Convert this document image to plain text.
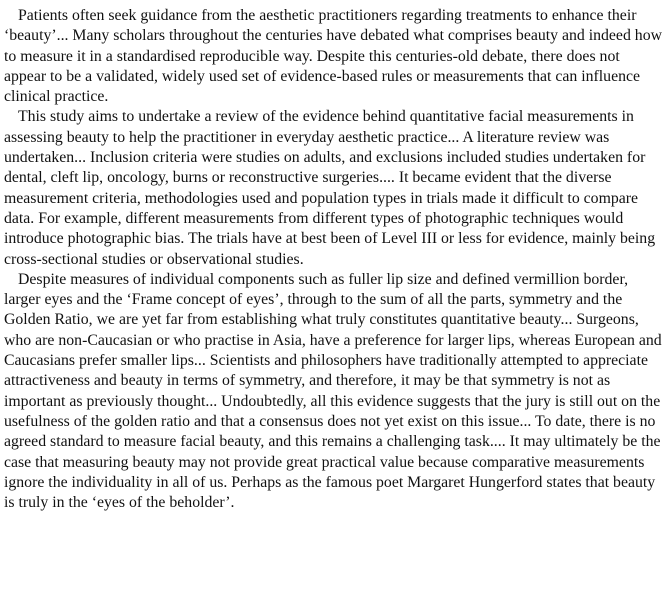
Patients often seek guidance from the aesthetic practitioners regarding treatments to enhance their ‘beauty’... Many scholars throughout the centuries have debated what comprises beauty and indeed how to measure it in a standardised reproducible way. Despite this centuries-old debate, there does not appear to be a validated, widely used set of evidence-based rules or measurements that can influence clinical practice.

This study aims to undertake a review of the evidence behind quantitative facial measurements in assessing beauty to help the practitioner in everyday aesthetic practice... A literature review was undertaken... Inclusion criteria were studies on adults, and exclusions included studies undertaken for dental, cleft lip, oncology, burns or reconstructive surgeries.... It became evident that the diverse measurement criteria, methodologies used and population types in trials made it difficult to compare data. For example, different measurements from different types of photographic techniques would introduce photographic bias. The trials have at best been of Level III or less for evidence, mainly being cross-sectional studies or observational studies.

Despite measures of individual components such as fuller lip size and defined vermillion border, larger eyes and the ‘Frame concept of eyes’, through to the sum of all the parts, symmetry and the Golden Ratio, we are yet far from establishing what truly constitutes quantitative beauty... Surgeons, who are non-Caucasian or who practise in Asia, have a preference for larger lips, whereas European and Caucasians prefer smaller lips... Scientists and philosophers have traditionally attempted to appreciate attractiveness and beauty in terms of symmetry, and therefore, it may be that symmetry is not as important as previously thought... Undoubtedly, all this evidence suggests that the jury is still out on the usefulness of the golden ratio and that a consensus does not yet exist on this issue... To date, there is no agreed standard to measure facial beauty, and this remains a challenging task.... It may ultimately be the case that measuring beauty may not provide great practical value because comparative measurements ignore the individuality in all of us. Perhaps as the famous poet Margaret Hungerford states that beauty is truly in the ‘eyes of the beholder’.
